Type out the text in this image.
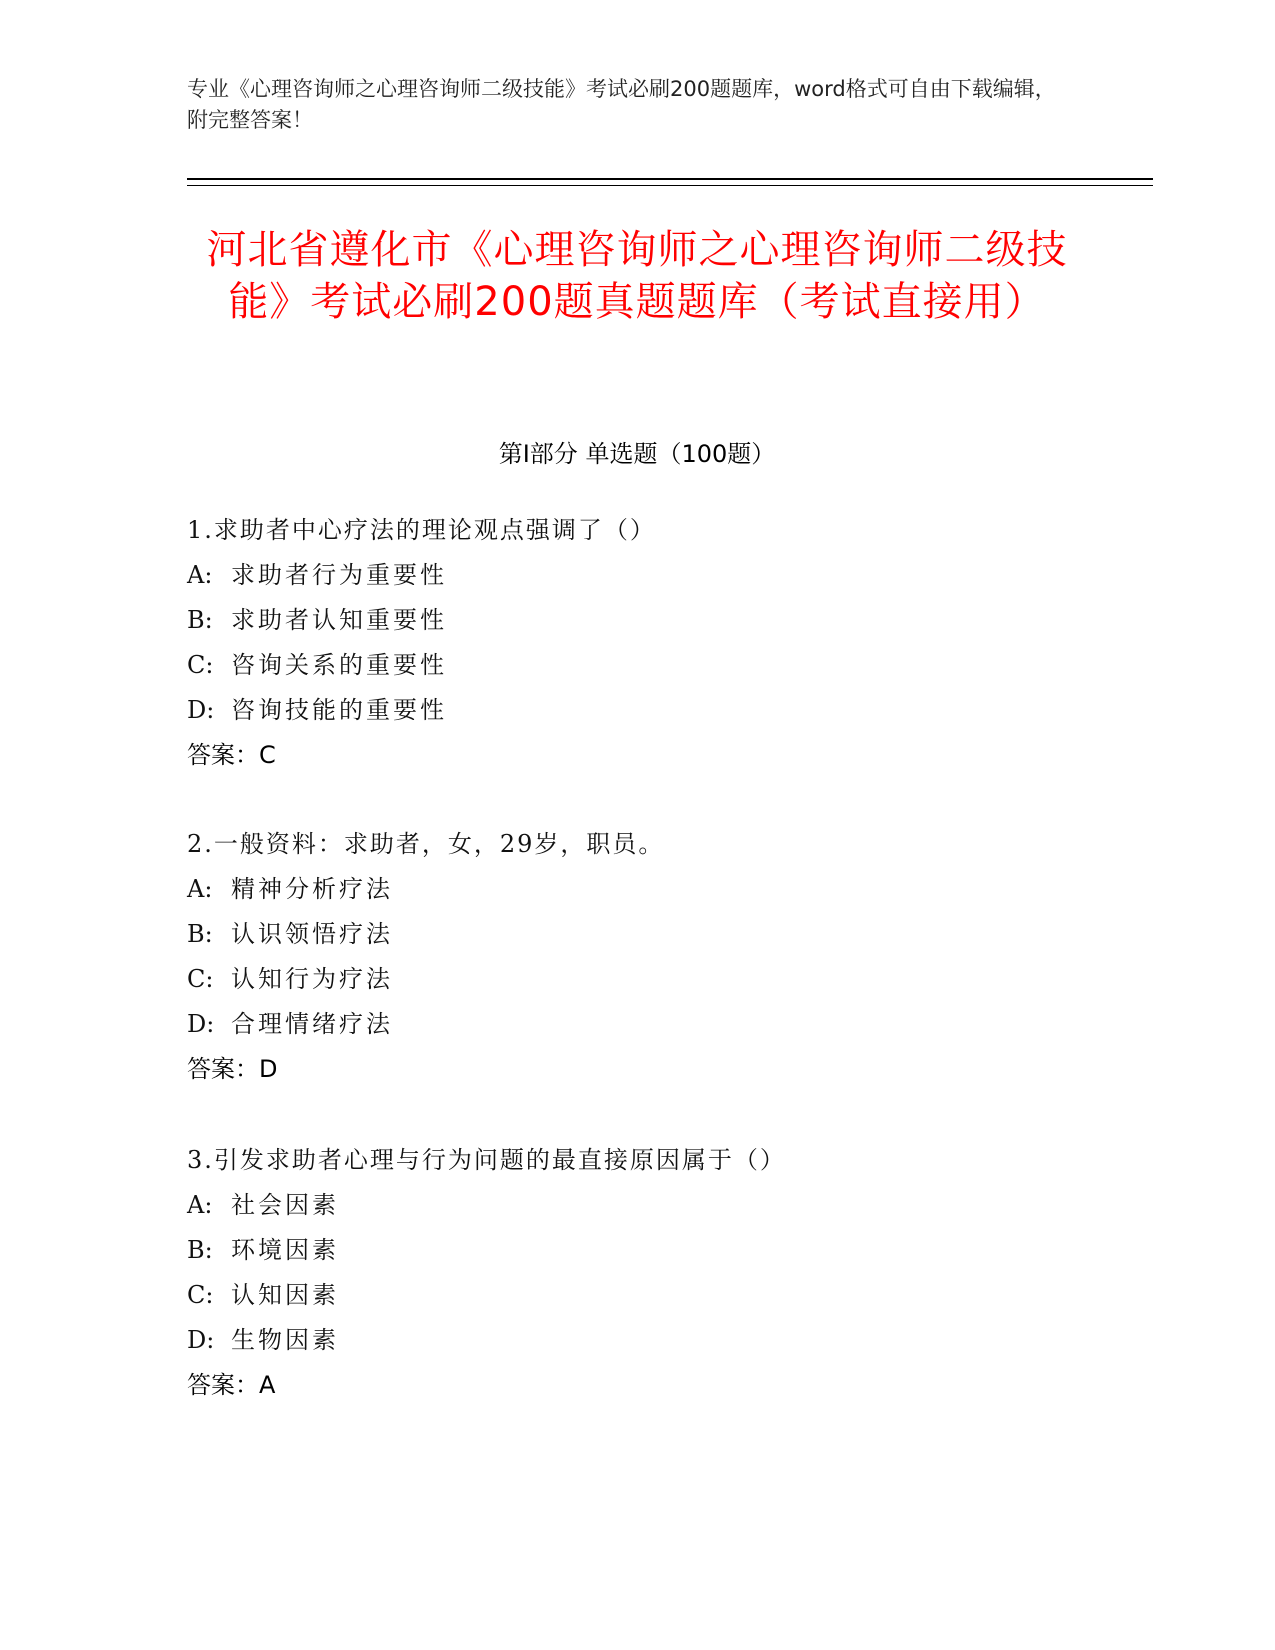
专业《心理咨询师之心理咨询师二级技能》考试必刷200题题库，word格式可自由下载编辑，附完整答案！
河北省遵化市《心理咨询师之心理咨询师二级技能》考试必刷200题真题题库（考试直接用）
第Ⅰ部分 单选题（100题）
1.求助者中心疗法的理论观点强调了（）
A: 求助者行为重要性
B: 求助者认知重要性
C: 咨询关系的重要性
D: 咨询技能的重要性
答案：C
2.一般资料：求助者，女，29岁，职员。
A: 精神分析疗法
B: 认识领悟疗法
C: 认知行为疗法
D: 合理情绪疗法
答案：D
3.引发求助者心理与行为问题的最直接原因属于（）
A: 社会因素
B: 环境因素
C: 认知因素
D: 生物因素
答案：A
